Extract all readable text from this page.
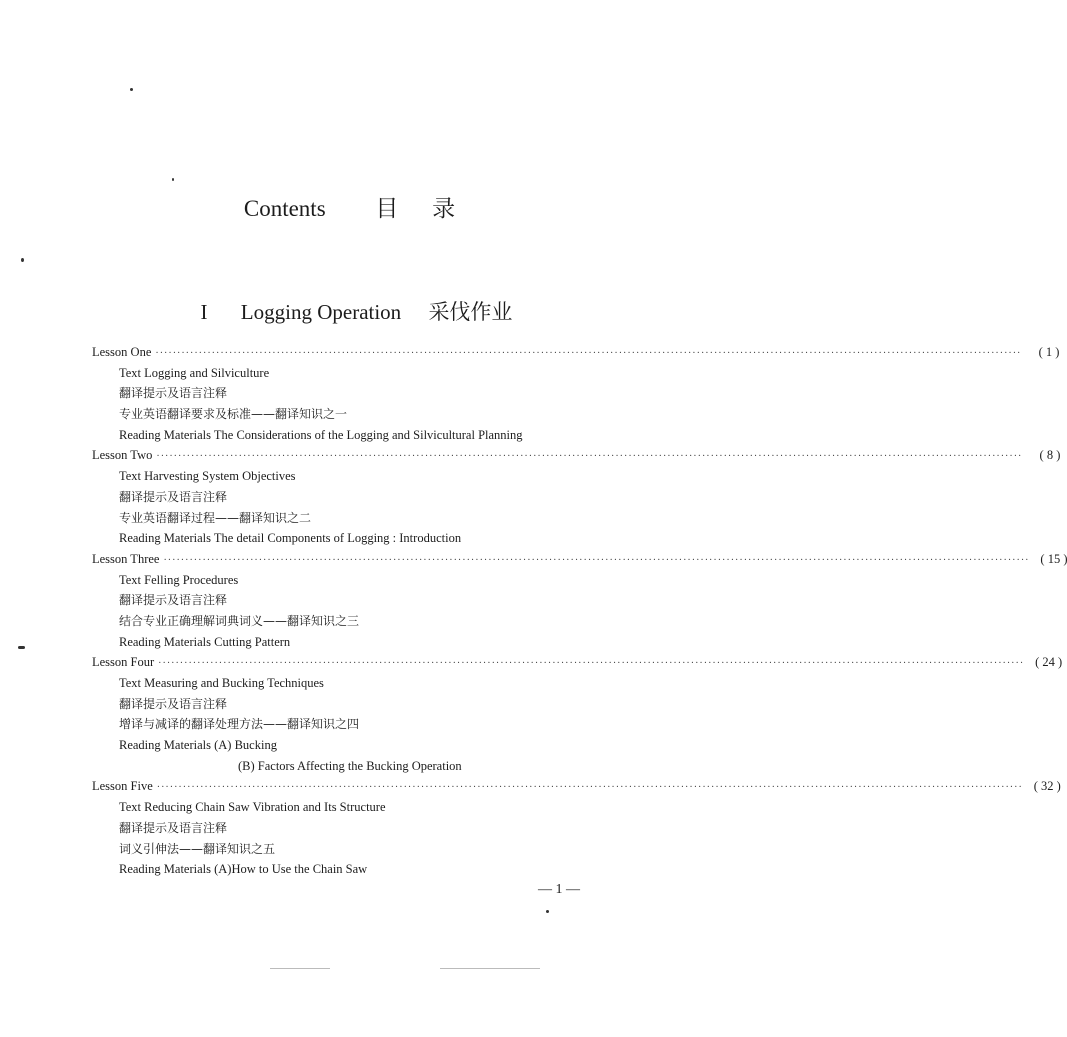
Contents 目 录
I Logging Operation 采伐作业
Lesson One ········································································································································································································	( 1 )
Text Logging and Silviculture
翻译提示及语言注释
专业英语翻译要求及标准——翻译知识之一
Reading Materials The Considerations of the Logging and Silvicultural Planning
Lesson Two ········································································································································································································	( 8 )
Text Harvesting System Objectives
翻译提示及语言注释
专业英语翻译过程——翻译知识之二
Reading Materials The detail Components of Logging : Introduction
Lesson Three ········································································································································································································ ( 15 )
Text Felling Procedures
翻译提示及语言注释
结合专业正确理解词典词义——翻译知识之三
Reading Materials Cutting Pattern
Lesson Four ········································································································································································································ ( 24 )
Text Measuring and Bucking Techniques
翻译提示及语言注释
增译与减译的翻译处理方法——翻译知识之四
Reading Materials (A) Bucking
(B) Factors Affecting the Bucking Operation
Lesson Five ········································································································································································································ ( 32 )
Text Reducing Chain Saw Vibration and Its Structure
翻译提示及语言注释
词义引伸法——翻译知识之五
Reading Materials (A)How to Use the Chain Saw
— 1 —
